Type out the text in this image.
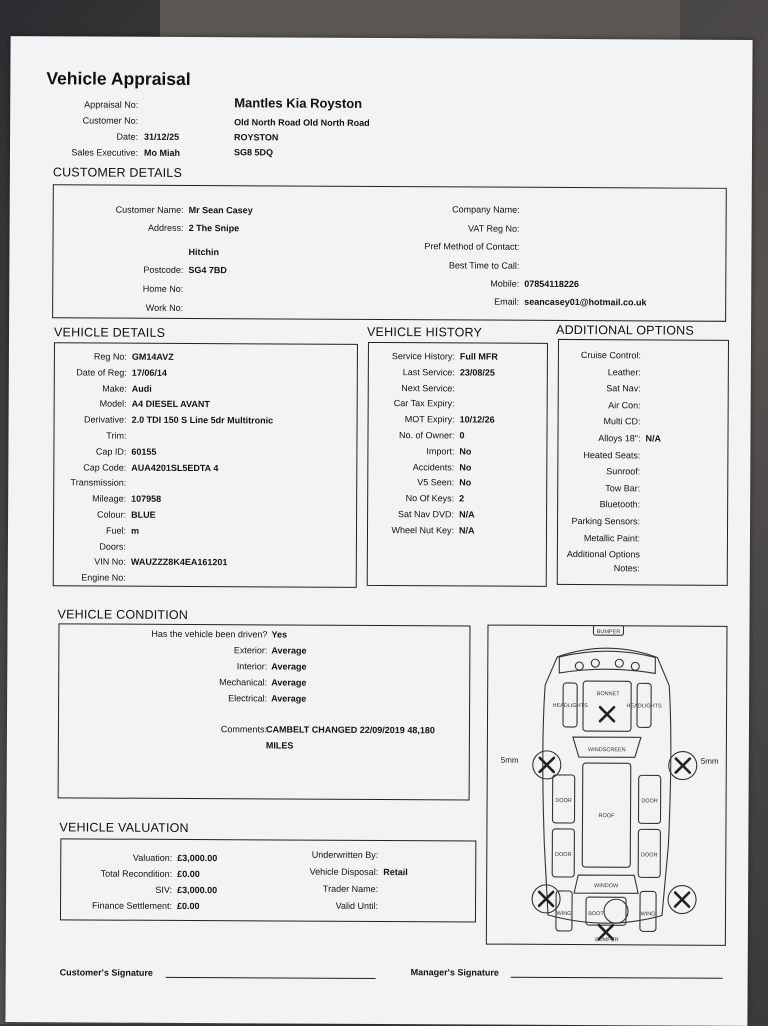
Vehicle Appraisal
Appraisal No:
Customer No:
Date: 31/12/25
Sales Executive: Mo Miah
Mantles Kia Royston
Old North Road Old North Road
ROYSTON
SG8 5DQ
CUSTOMER DETAILS
Customer Name: Mr Sean Casey
Address: 2 The Snipe
Hitchin
Postcode: SG4 7BD
Home No:
Work No:
Company Name:
VAT Reg No:
Pref Method of Contact:
Best Time to Call:
Mobile: 07854118226
Email: seancasey01@hotmail.co.uk
VEHICLE DETAILS
Reg No: GM14AVZ
Date of Reg: 17/06/14
Make: Audi
Model: A4 DIESEL AVANT
Derivative: 2.0 TDI 150 S Line 5dr Multitronic
Trim:
Cap ID: 60155
Cap Code: AUA4201SL5EDTA 4
Transmission:
Mileage: 107958
Colour: BLUE
Fuel: m
Doors:
VIN No: WAUZZZ8K4EA161201
Engine No:
VEHICLE HISTORY
Service History: Full MFR
Last Service: 23/08/25
Next Service:
Car Tax Expiry:
MOT Expiry: 10/12/26
No. of Owner: 0
Import: No
Accidents: No
V5 Seen: No
No Of Keys: 2
Sat Nav DVD: N/A
Wheel Nut Key: N/A
ADDITIONAL OPTIONS
Cruise Control:
Leather:
Sat Nav:
Air Con:
Multi CD:
Alloys 18": N/A
Heated Seats:
Sunroof:
Tow Bar:
Bluetooth:
Parking Sensors:
Metallic Paint:
Additional Options
Notes:
VEHICLE CONDITION
Has the vehicle been driven? Yes
Exterior: Average
Interior: Average
Mechanical: Average
Electrical: Average
Comments:
CAMBELT CHANGED 22/09/2019 48,180
MILES
BUMPER
BONNET
WINDSCREEN
ROOF
WINDOW
BOOT
DOOR
DOOR
DOOR
DOOR
WING	WING
HEADLIGHTS	HEADLIGHTS
BUMPER
5mm	5mm
VEHICLE VALUATION
Valuation: £3,000.00
Total Recondition: £0.00
SIV: £3,000.00
Finance Settlement: £0.00
Underwritten By:
Vehicle Disposal: Retail
Trader Name:
Valid Until:
Customer's Signature	Manager's Signature
